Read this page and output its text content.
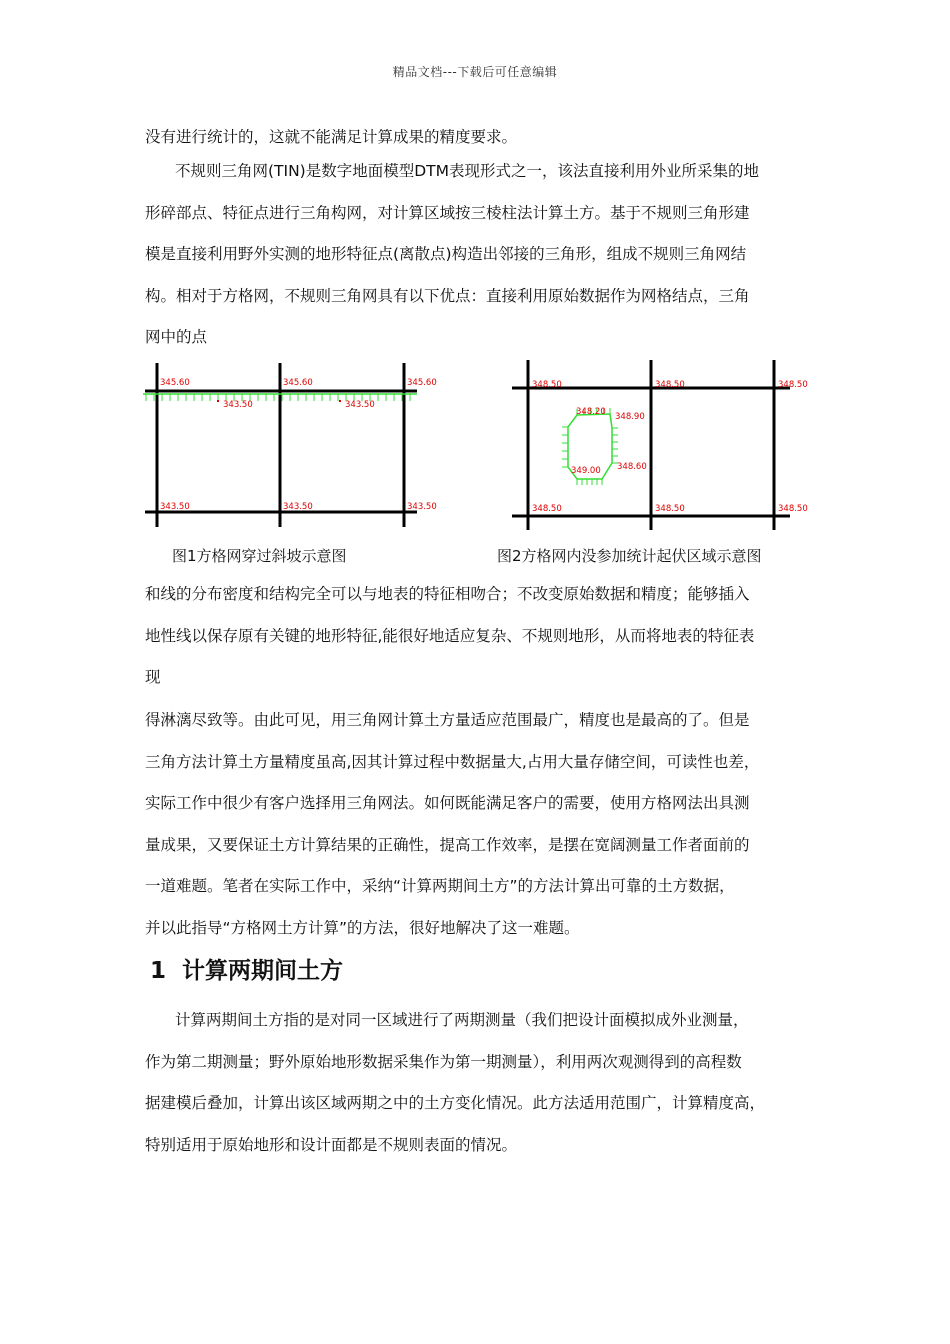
精品文档---下载后可任意编辑
没有进行统计的，这就不能满足计算成果的精度要求。
不规则三角网(TIN)是数字地面模型DTM表现形式之一，该法直接利用外业所采集的地
形碎部点、特征点进行三角构网，对计算区域按三棱柱法计算土方。基于不规则三角形建
模是直接利用野外实测的地形特征点(离散点)构造出邻接的三角形，组成不规则三角网结
构。相对于方格网，不规则三角网具有以下优点：直接利用原始数据作为网格结点，三角
网中的点
345.60	345.60	345.60
343.50	343.50
343.50	343.50	343.50
348.50	348.50	348.50
348.50	348.50	348.50
348.20 348.90
349.00 348.60
图1方格网穿过斜坡示意图	图2方格网内没参加统计起伏区域示意图
和线的分布密度和结构完全可以与地表的特征相吻合；不改变原始数据和精度；能够插入
地性线以保存原有关键的地形特征,能很好地适应复杂、不规则地形，从而将地表的特征表
现
得淋漓尽致等。由此可见，用三角网计算土方量适应范围最广，精度也是最高的了。但是
三角方法计算土方量精度虽高,因其计算过程中数据量大,占用大量存储空间，可读性也差，
实际工作中很少有客户选择用三角网法。如何既能满足客户的需要，使用方格网法出具测
量成果，又要保证土方计算结果的正确性，提高工作效率，是摆在宽阔测量工作者面前的
一道难题。笔者在实际工作中，采纳“计算两期间土方”的方法计算出可靠的土方数据，
并以此指导“方格网土方计算”的方法，很好地解决了这一难题。
1 计算两期间土方
计算两期间土方指的是对同一区域进行了两期测量（我们把设计面模拟成外业测量，
作为第二期测量；野外原始地形数据采集作为第一期测量），利用两次观测得到的高程数
据建模后叠加，计算出该区域两期之中的土方变化情况。此方法适用范围广，计算精度高，
特别适用于原始地形和设计面都是不规则表面的情况。
